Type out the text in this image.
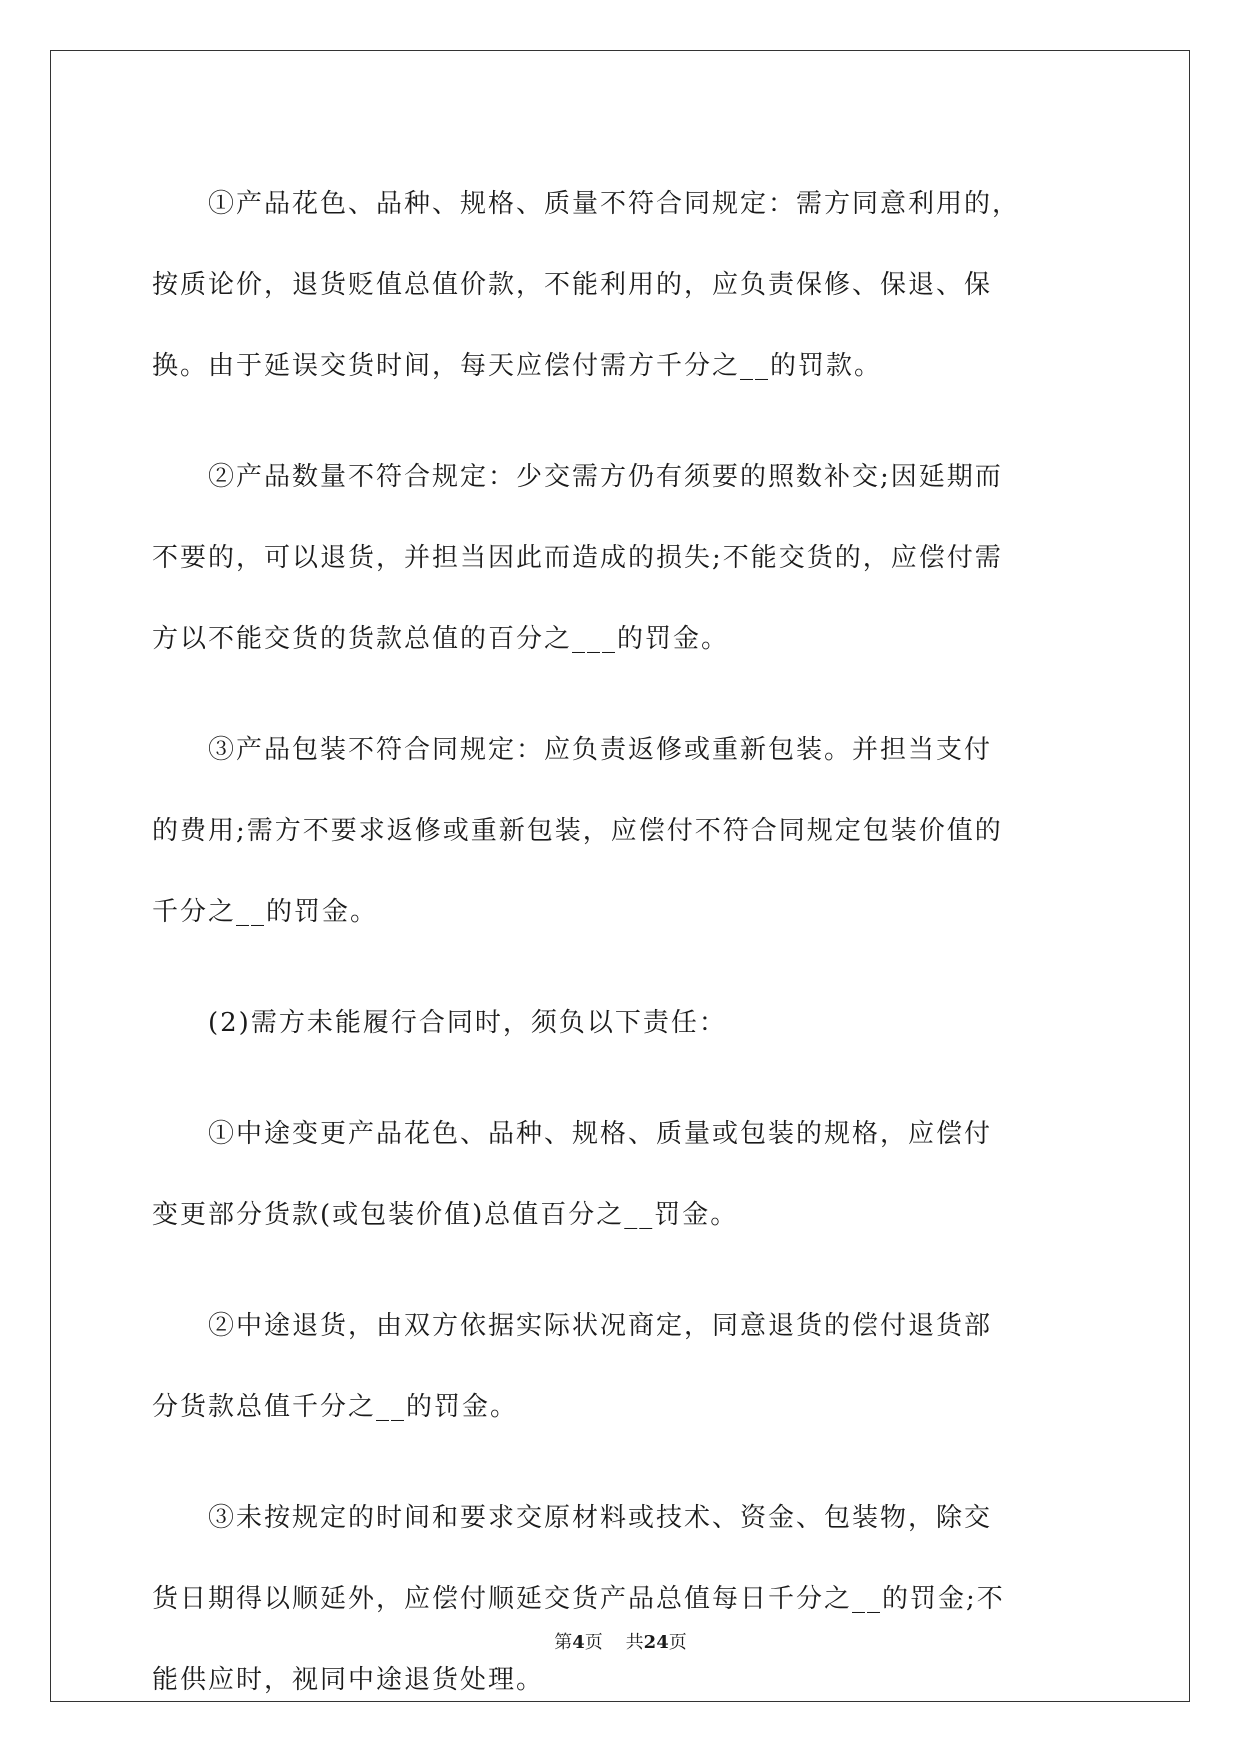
①产品花色、品种、规格、质量不符合同规定：需方同意利用的，
按质论价，退货贬值总值价款，不能利用的，应负责保修、保退、保
换。由于延误交货时间，每天应偿付需方千分之__的罚款。
②产品数量不符合规定：少交需方仍有须要的照数补交;因延期而
不要的，可以退货，并担当因此而造成的损失;不能交货的，应偿付需
方以不能交货的货款总值的百分之___的罚金。
③产品包装不符合同规定：应负责返修或重新包装。并担当支付
的费用;需方不要求返修或重新包装，应偿付不符合同规定包装价值的
千分之__的罚金。
(2)需方未能履行合同时，须负以下责任：
①中途变更产品花色、品种、规格、质量或包装的规格，应偿付
变更部分货款(或包装价值)总值百分之__罚金。
②中途退货，由双方依据实际状况商定，同意退货的偿付退货部
分货款总值千分之__的罚金。
③未按规定的时间和要求交原材料或技术、资金、包装物，除交
货日期得以顺延外，应偿付顺延交货产品总值每日千分之__的罚金;不
能供应时，视同中途退货处理。
第4页 共24页
